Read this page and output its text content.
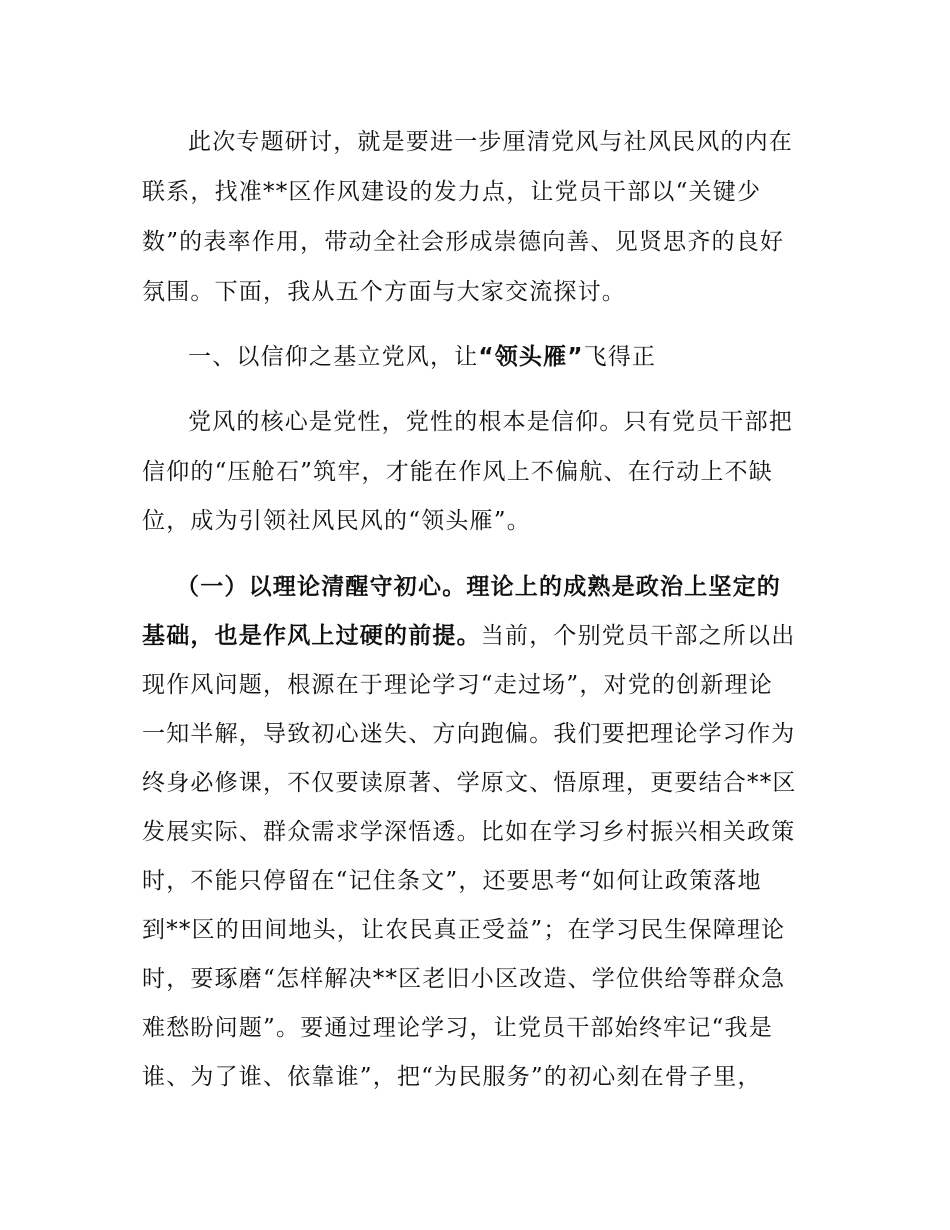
此次专题研讨，就是要进一步厘清党风与社风民风的内在
联系，找准**区作风建设的发力点，让党员干部以“关键少
数”的表率作用，带动全社会形成崇德向善、见贤思齐的良好
氛围。下面，我从五个方面与大家交流探讨。
一、以信仰之基立党风，让“领头雁”飞得正
党风的核心是党性，党性的根本是信仰。只有党员干部把
信仰的“压舱石”筑牢，才能在作风上不偏航、在行动上不缺
位，成为引领社风民风的“领头雁”。
（一）以理论清醒守初心。理论上的成熟是政治上坚定的
基础，也是作风上过硬的前提。当前，个别党员干部之所以出
现作风问题，根源在于理论学习“走过场”，对党的创新理论
一知半解，导致初心迷失、方向跑偏。我们要把理论学习作为
终身必修课，不仅要读原著、学原文、悟原理，更要结合**区
发展实际、群众需求学深悟透。比如在学习乡村振兴相关政策
时，不能只停留在“记住条文”，还要思考“如何让政策落地
到**区的田间地头，让农民真正受益”；在学习民生保障理论
时，要琢磨“怎样解决**区老旧小区改造、学位供给等群众急
难愁盼问题”。要通过理论学习，让党员干部始终牢记“我是
谁、为了谁、依靠谁”，把“为民服务”的初心刻在骨子里，
